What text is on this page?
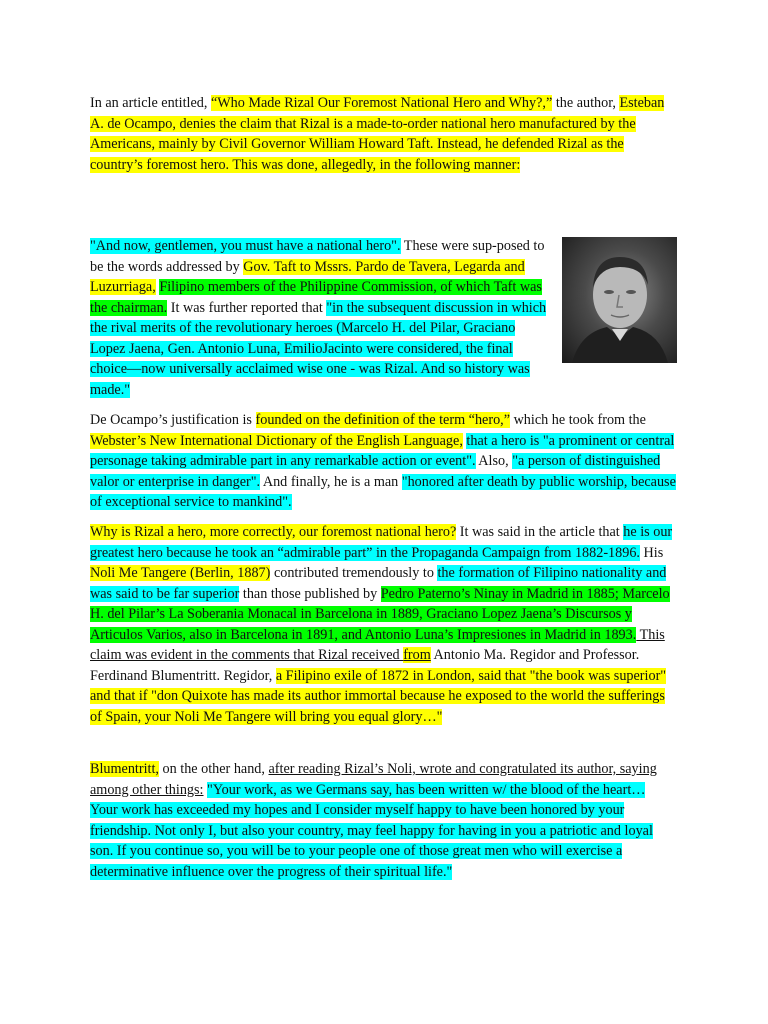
In an article entitled, “Who Made Rizal Our Foremost National Hero and Why?,” the author, Esteban A. de Ocampo, denies the claim that Rizal is a made-to-order national hero manufactured by the Americans, mainly by Civil Governor William Howard Taft. Instead, he defended Rizal as the country’s foremost hero. This was done, allegedly, in the following manner:

"And now, gentlemen, you must have a national hero". These were sup-posed to be the words addressed by Gov. Taft to Mssrs. Pardo de Tavera, Legarda and Luzurriaga, Filipino members of the Philippine Commission, of which Taft was the chairman. It was further reported that "in the subsequent discussion in which the rival merits of the revolutionary heroes (Marcelo H. del Pilar, Graciano Lopez Jaena, Gen. Antonio Luna, EmilioJacinto were considered, the final choice—now universally acclaimed wise one - was Rizal. And so history was made."

De Ocampo’s justification is founded on the definition of the term “hero,” which he took from the Webster’s New International Dictionary of the English Language, that a hero is "a prominent or central personage taking admirable part in any remarkable action or event". Also, "a person of distinguished valor or enterprise in danger". And finally, he is a man "honored after death by public worship, because of exceptional service to mankind".

Why is Rizal a hero, more correctly, our foremost national hero? It was said in the article that he is our greatest hero because he took an “admirable part” in the Propaganda Campaign from 1882-1896. His Noli Me Tangere (Berlin, 1887) contributed tremendously to the formation of Filipino nationality and was said to be far superior than those published by Pedro Paterno’s Ninay in Madrid in 1885; Marcelo H. del Pilar’s La Soberania Monacal in Barcelona in 1889, Graciano Lopez Jaena’s Discursos y Articulos Varios, also in Barcelona in 1891, and Antonio Luna’s Impresiones in Madrid in 1893. This claim was evident in the comments that Rizal received from Antonio Ma. Regidor and Professor. Ferdinand Blumentritt. Regidor, a Filipino exile of 1872 in London, said that "the book was superior" and that if "don Quixote has made its author immortal because he exposed to the world the sufferings of Spain, your Noli Me Tangere will bring you equal glory…"

Blumentritt, on the other hand, after reading Rizal’s Noli, wrote and congratulated its author, saying among other things: "Your work, as we Germans say, has been written w/ the blood of the heart… Your work has exceeded my hopes and I consider myself happy to have been honored by your friendship. Not only I, but also your country, may feel happy for having in you a patriotic and loyal son. If you continue so, you will be to your people one of those great men who will exercise a determinative influence over the progress of their spiritual life."
